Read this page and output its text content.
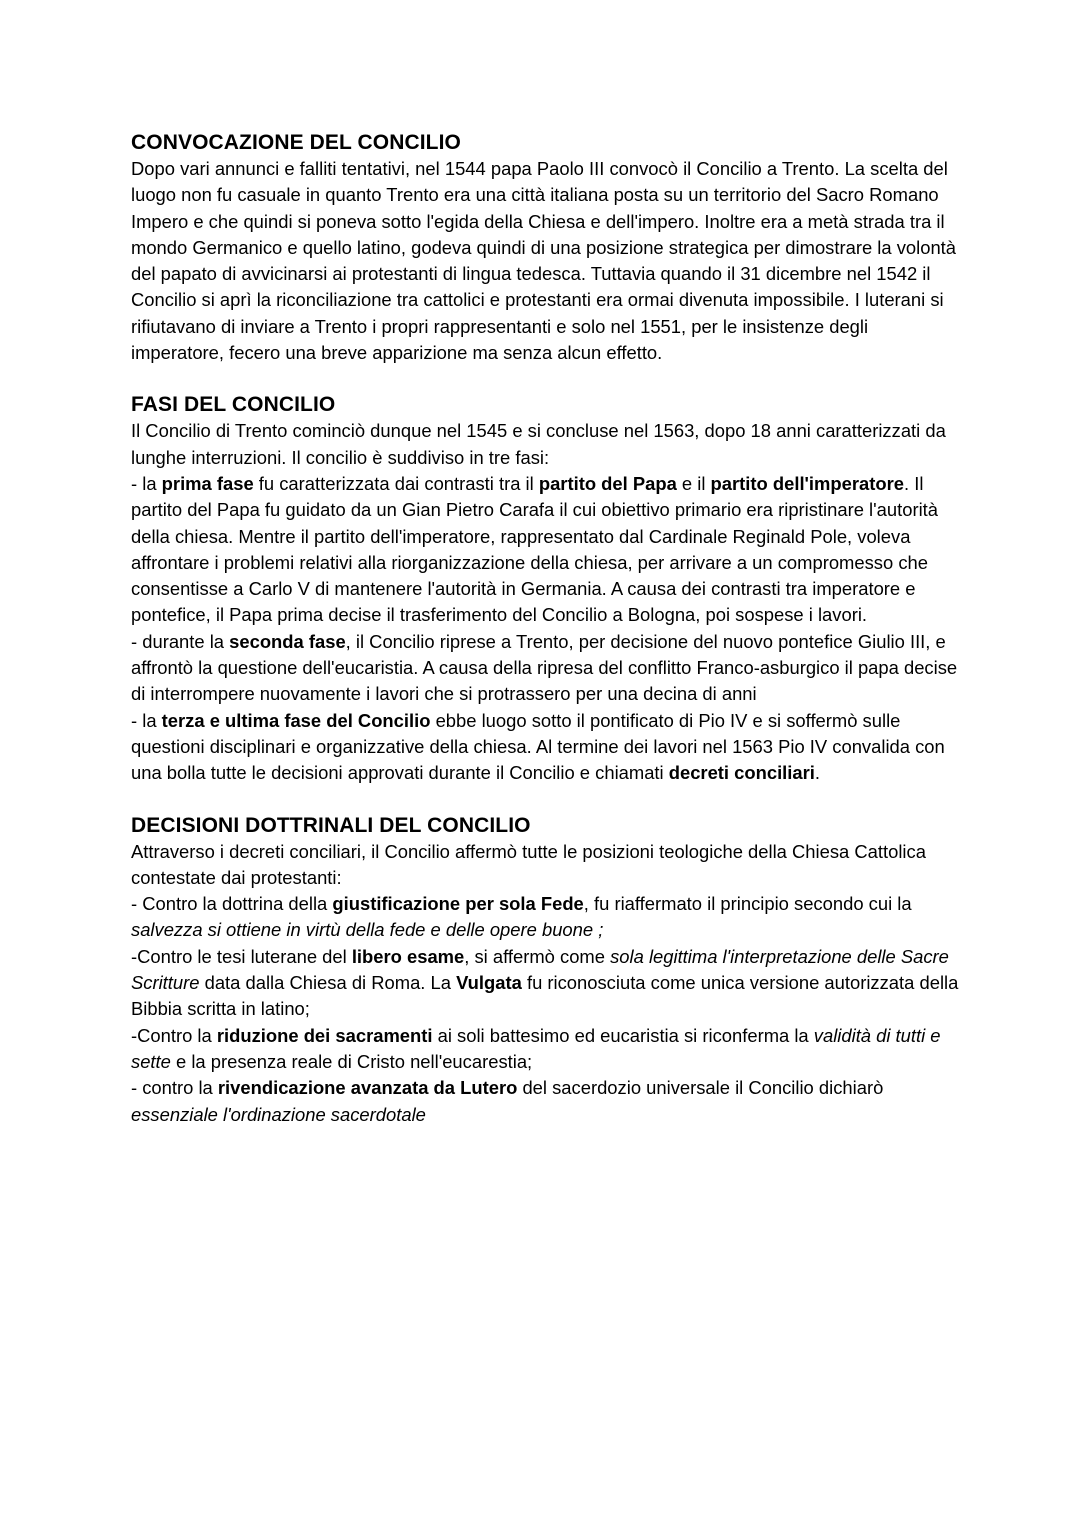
CONVOCAZIONE DEL CONCILIO

Dopo vari annunci e falliti tentativi, nel 1544 papa Paolo III convocò il Concilio a Trento. La scelta del luogo non fu casuale in quanto Trento era una città italiana posta su un territorio del Sacro Romano Impero e che quindi si poneva sotto l'egida della Chiesa e dell'impero. Inoltre era a metà strada tra il mondo Germanico e quello latino, godeva quindi di una posizione strategica per dimostrare la volontà del papato di avvicinarsi ai protestanti di lingua tedesca. Tuttavia quando il 31 dicembre nel 1542 il Concilio si aprì la riconciliazione tra cattolici e protestanti era ormai divenuta impossibile. I luterani si rifiutavano di inviare a Trento i propri rappresentanti e solo nel 1551, per le insistenze degli imperatore, fecero una breve apparizione ma senza alcun effetto.

FASI DEL CONCILIO

Il Concilio di Trento cominciò dunque nel 1545 e si concluse nel 1563, dopo 18 anni caratterizzati da lunghe interruzioni. Il concilio è suddiviso in tre fasi:

- la prima fase fu caratterizzata dai contrasti tra il partito del Papa e il partito dell'imperatore. Il partito del Papa fu guidato da un Gian Pietro Carafa il cui obiettivo primario era ripristinare l'autorità della chiesa. Mentre il partito dell'imperatore, rappresentato dal Cardinale Reginald Pole, voleva affrontare i problemi relativi alla riorganizzazione della chiesa, per arrivare a un compromesso che consentisse a Carlo V di mantenere l'autorità in Germania. A causa dei contrasti tra imperatore e pontefice, il Papa prima decise il trasferimento del Concilio a Bologna, poi sospese i lavori.

- durante la seconda fase, il Concilio riprese a Trento, per decisione del nuovo pontefice Giulio III, e affrontò la questione dell'eucaristia. A causa della ripresa del conflitto Franco-asburgico il papa decise di interrompere nuovamente i lavori che si protrassero per una decina di anni

- la terza e ultima fase del Concilio ebbe luogo sotto il pontificato di Pio IV e si soffermò sulle questioni disciplinari e organizzative della chiesa. Al termine dei lavori nel 1563 Pio IV convalida con una bolla tutte le decisioni approvati durante il Concilio e chiamati decreti conciliari.

DECISIONI DOTTRINALI DEL CONCILIO

Attraverso i decreti conciliari, il Concilio affermò tutte le posizioni teologiche della Chiesa Cattolica contestate dai protestanti:

- Contro la dottrina della giustificazione per sola Fede, fu riaffermato il principio secondo cui la salvezza si ottiene in virtù della fede e delle opere buone ;

-Contro le tesi luterane del libero esame, si affermò come sola legittima l'interpretazione delle Sacre Scritture data dalla Chiesa di Roma. La Vulgata fu riconosciuta come unica versione autorizzata della Bibbia scritta in latino;

-Contro la riduzione dei sacramenti ai soli battesimo ed eucaristia si riconferma la validità di tutti e sette e la presenza reale di Cristo nell'eucarestia;

- contro la rivendicazione avanzata da Lutero del sacerdozio universale il Concilio dichiarò essenziale l'ordinazione sacerdotale
